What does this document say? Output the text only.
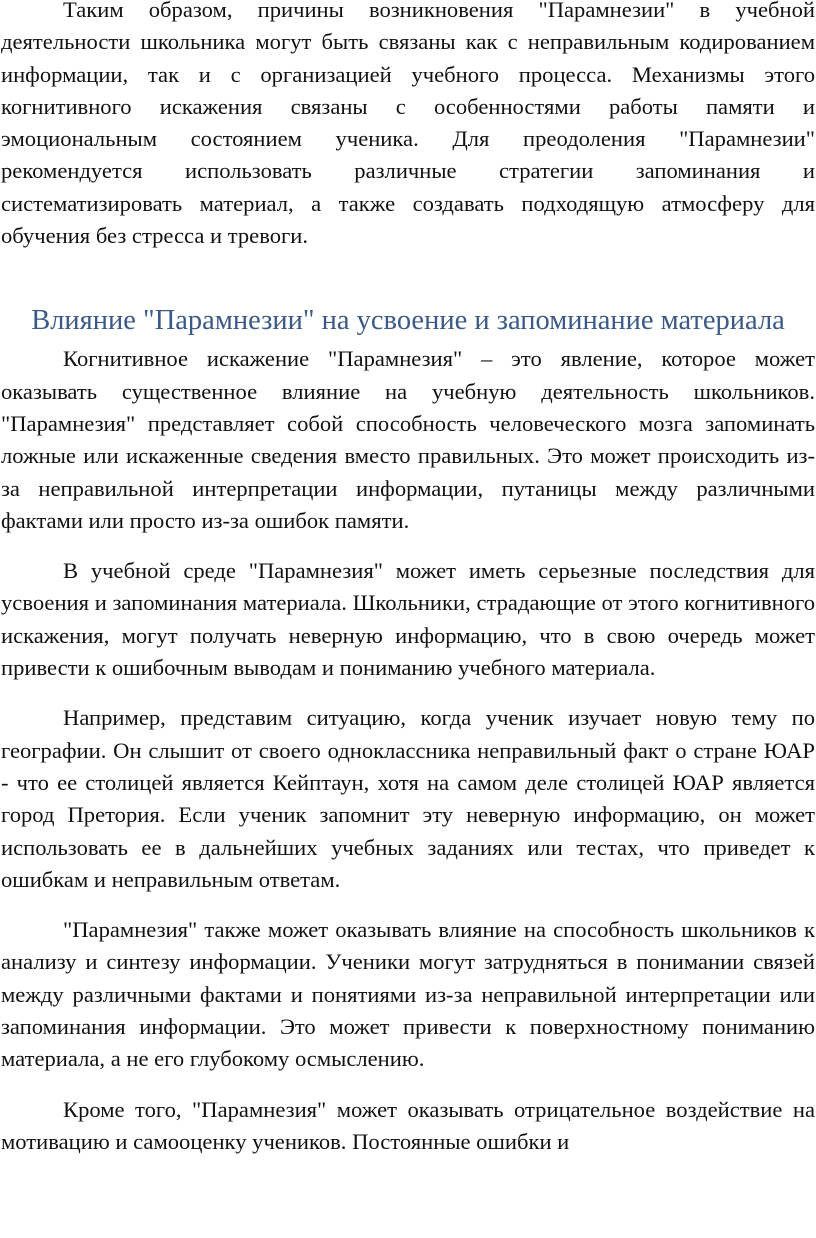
Таким образом, причины возникновения "Парамнезии" в учебной деятельности школьника могут быть связаны как с неправильным кодированием информации, так и с организацией учебного процесса. Механизмы этого когнитивного искажения связаны с особенностями работы памяти и эмоциональным состоянием ученика. Для преодоления "Парамнезии" рекомендуется использовать различные стратегии запоминания и систематизировать материал, а также создавать подходящую атмосферу для обучения без стресса и тревоги.

Влияние "Парамнезии" на усвоение и запоминание материала

Когнитивное искажение "Парамнезия" – это явление, которое может оказывать существенное влияние на учебную деятельность школьников. "Парамнезия" представляет собой способность человеческого мозга запоминать ложные или искаженные сведения вместо правильных. Это может происходить из-за неправильной интерпретации информации, путаницы между различными фактами или просто из-за ошибок памяти.

В учебной среде "Парамнезия" может иметь серьезные последствия для усвоения и запоминания материала. Школьники, страдающие от этого когнитивного искажения, могут получать неверную информацию, что в свою очередь может привести к ошибочным выводам и пониманию учебного материала.

Например, представим ситуацию, когда ученик изучает новую тему по географии. Он слышит от своего одноклассника неправильный факт о стране ЮАР - что ее столицей является Кейптаун, хотя на самом деле столицей ЮАР является город Претория. Если ученик запомнит эту неверную информацию, он может использовать ее в дальнейших учебных заданиях или тестах, что приведет к ошибкам и неправильным ответам.

"Парамнезия" также может оказывать влияние на способность школьников к анализу и синтезу информации. Ученики могут затрудняться в понимании связей между различными фактами и понятиями из-за неправильной интерпретации или запоминания информации. Это может привести к поверхностному пониманию материала, а не его глубокому осмыслению.

Кроме того, "Парамнезия" может оказывать отрицательное воздействие на мотивацию и самооценку учеников. Постоянные ошибки и
